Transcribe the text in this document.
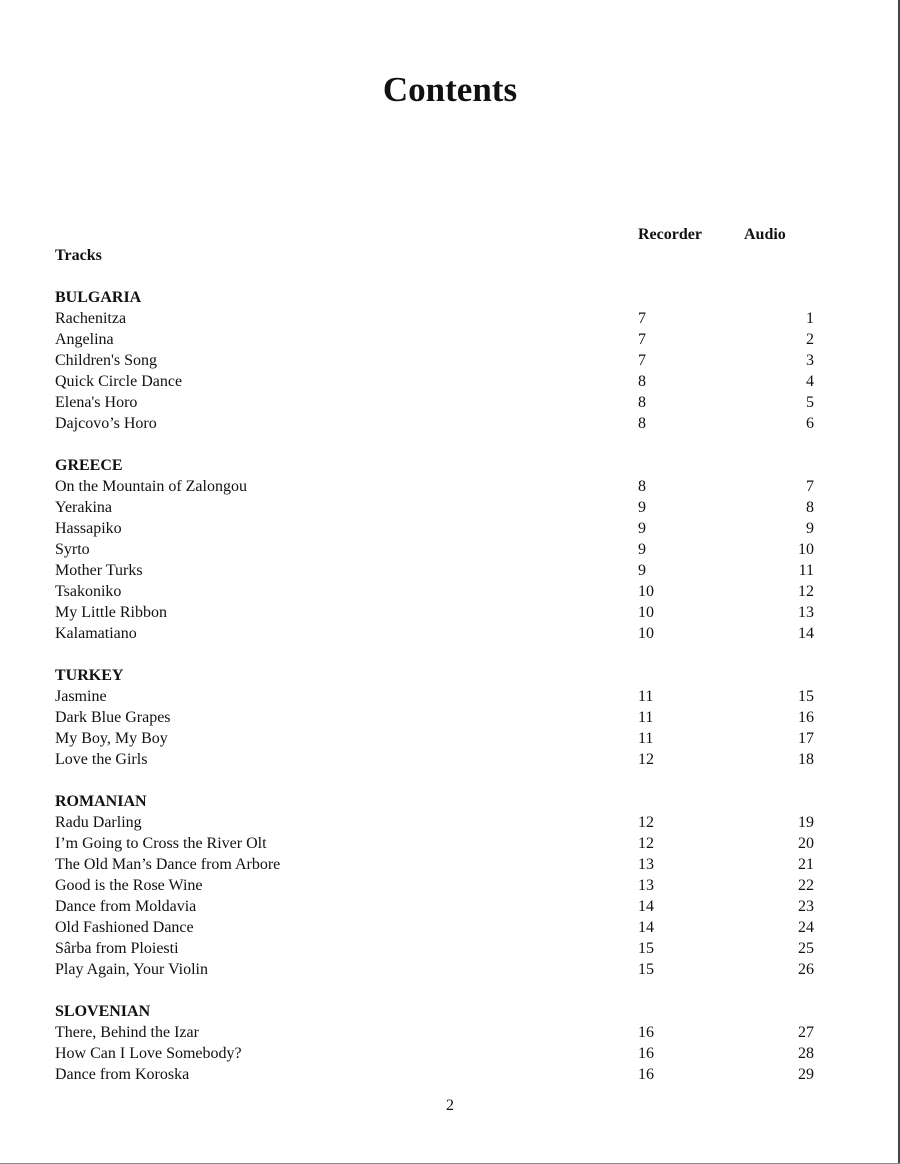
Contents
Recorder	Audio
Tracks
BULGARIA
Rachenitza	7	1
Angelina	7	2
Children's Song	7	3
Quick Circle Dance	8	4
Elena's Horo	8	5
Dajcovo’s Horo	8	6
GREECE
On the Mountain of Zalongou	8	7
Yerakina	9	8
Hassapiko	9	9
Syrto	9	10
Mother Turks	9	11
Tsakoniko	10	12
My Little Ribbon	10	13
Kalamatiano	10	14
TURKEY
Jasmine	11	15
Dark Blue Grapes	11	16
My Boy, My Boy	11	17
Love the Girls	12	18
ROMANIAN
Radu Darling	12	19
I’m Going to Cross the River Olt	12	20
The Old Man’s Dance from Arbore	13	21
Good is the Rose Wine	13	22
Dance from Moldavia	14	23
Old Fashioned Dance	14	24
Sârba from Ploiesti	15	25
Play Again, Your Violin	15	26
SLOVENIAN
There, Behind the Izar	16	27
How Can I Love Somebody?	16	28
Dance from Koroska	16	29
2
